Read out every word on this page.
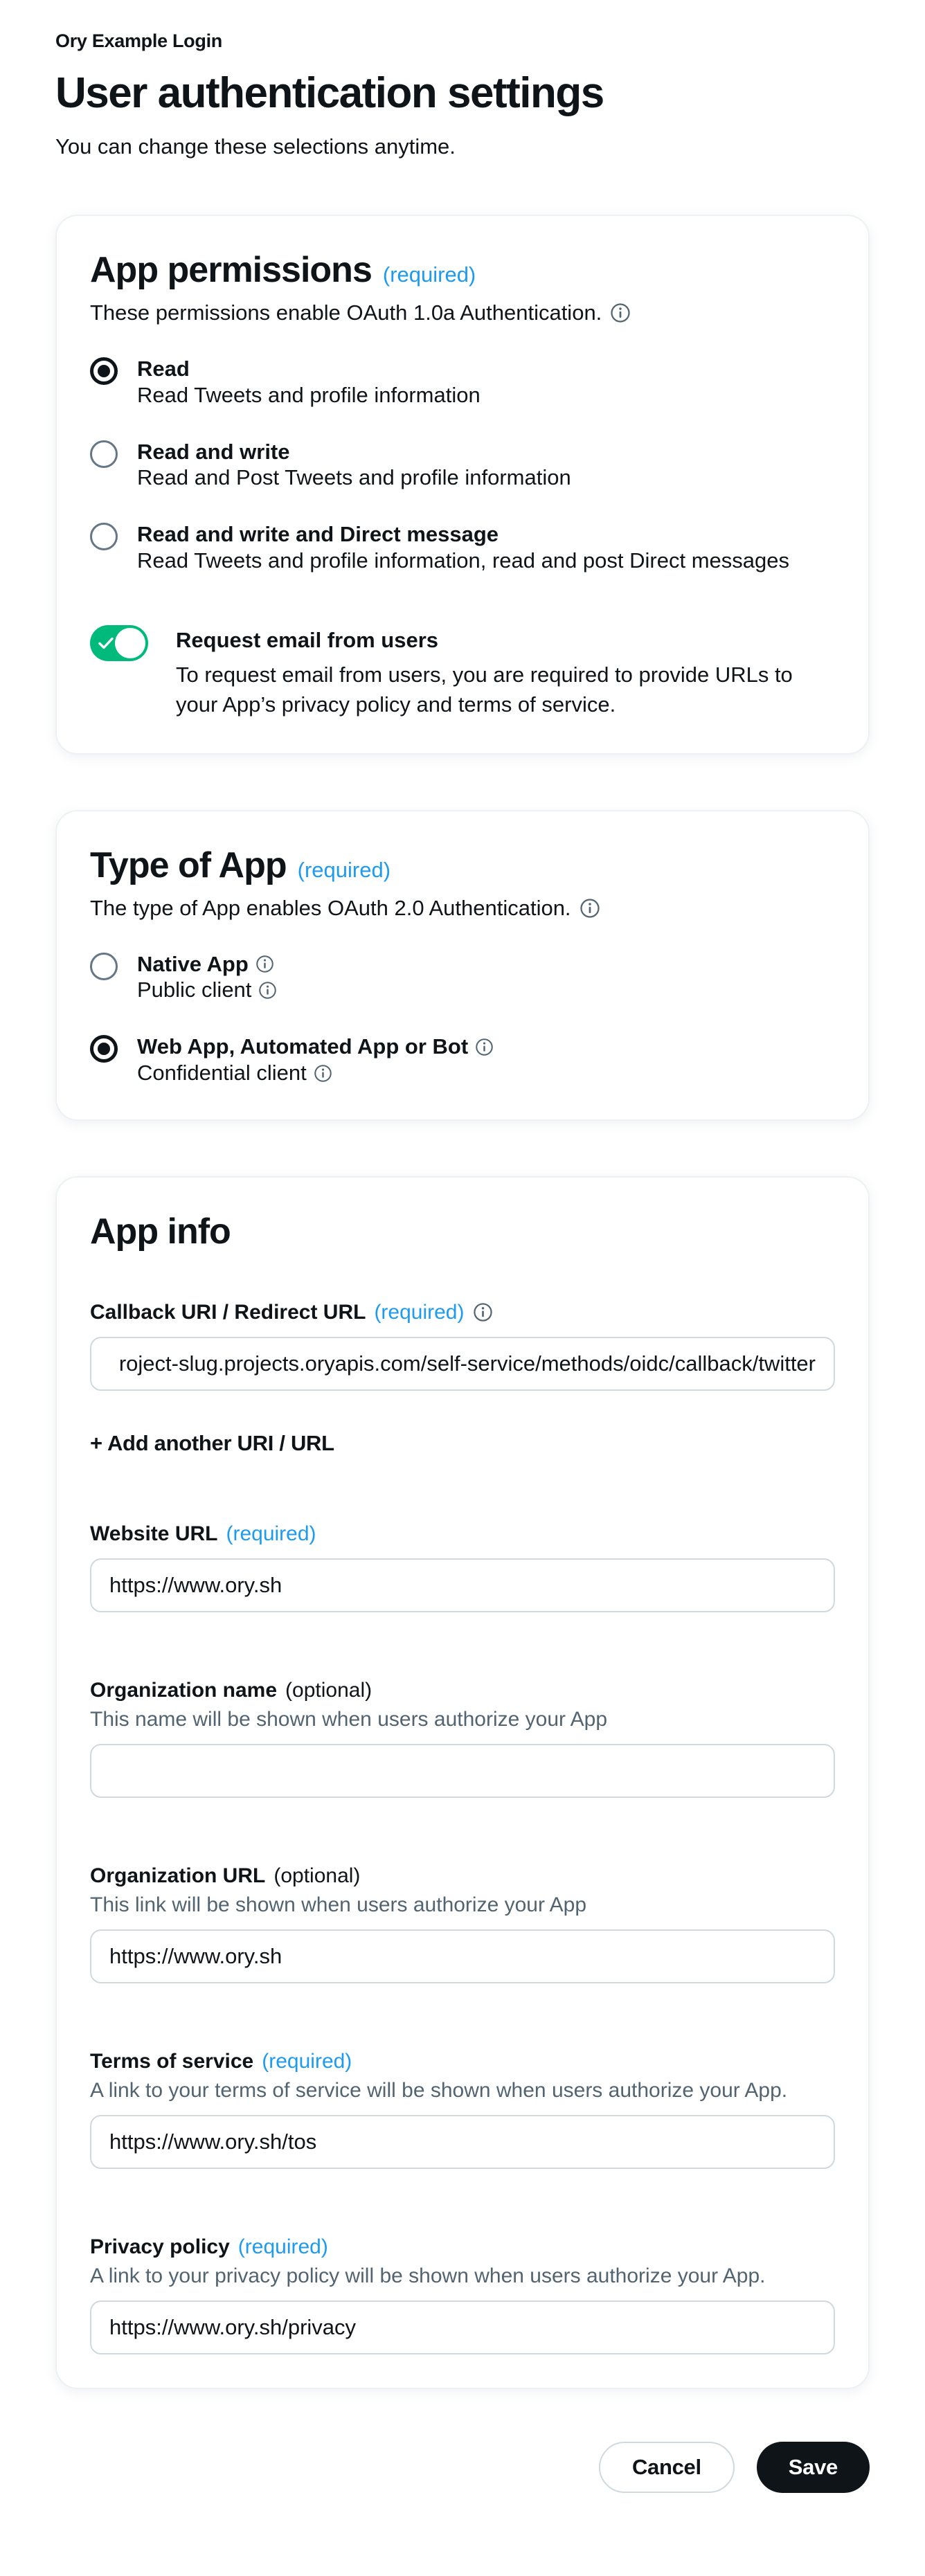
Ory Example Login
User authentication settings
You can change these selections anytime.
App permissions (required)
These permissions enable OAuth 1.0a Authentication.
Read
Read Tweets and profile information
Read and write
Read and Post Tweets and profile information
Read and write and Direct message
Read Tweets and profile information, read and post Direct messages
Request email from users
To request email from users, you are required to provide URLs to your App’s privacy policy and terms of service.
Type of App (required)
The type of App enables OAuth 2.0 Authentication.
Native App
Public client
Web App, Automated App or Bot
Confidential client
App info
Callback URI / Redirect URL (required)
roject-slug.projects.oryapis.com/self-service/methods/oidc/callback/twitter
+ Add another URI / URL
Website URL (required)
https://www.ory.sh
Organization name (optional)
This name will be shown when users authorize your App
Organization URL (optional)
This link will be shown when users authorize your App
https://www.ory.sh
Terms of service (required)
A link to your terms of service will be shown when users authorize your App.
https://www.ory.sh/tos
Privacy policy (required)
A link to your privacy policy will be shown when users authorize your App.
https://www.ory.sh/privacy
Cancel	Save
